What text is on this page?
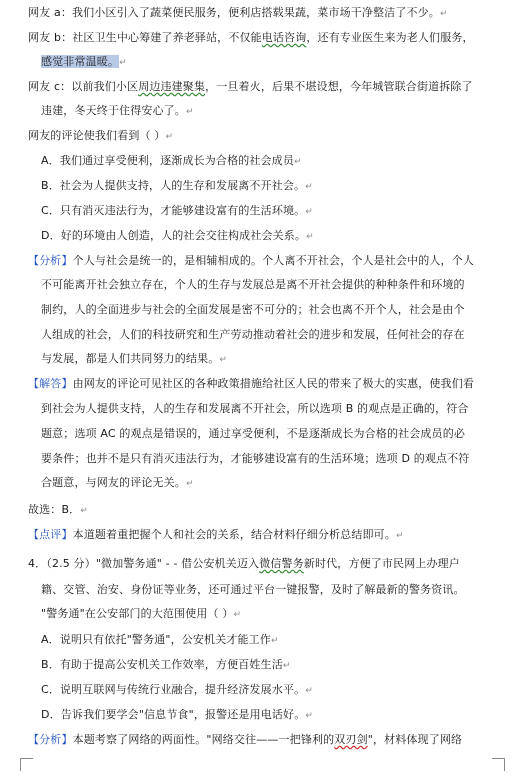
网友 a：我们小区引入了蔬菜便民服务，便利店搭载果蔬，菜市场干净整洁了不少。↵
网友 b：社区卫生中心筹建了养老驿站，不仅能电话咨询，还有专业医生来为老人们服务，
感觉非常温暖。↵
网友 c：以前我们小区周边违建聚集，一旦着火，后果不堪设想，今年城管联合街道拆除了
违建，冬天终于住得安心了。↵
网友的评论使我们看到（ ）↵
A．我们通过享受便利，逐渐成长为合格的社会成员↵
B．社会为人提供支持，人的生存和发展离不开社会。↵
C．只有消灭违法行为，才能够建设富有的生活环境。↵
D．好的环境由人创造，人的社会交往构成社会关系。↵
【分析】个人与社会是统一的，是相辅相成的。个人离不开社会，个人是社会中的人，个人
不可能离开社会独立存在，个人的生存与发展总是离不开社会提供的种种条件和环境的
制约，人的全面进步与社会的全面发展是密不可分的；社会也离不开个人，社会是由个
人组成的社会，人们的科技研究和生产劳动推动着社会的进步和发展，任何社会的存在
与发展，都是人们共同努力的结果。↵
【解答】由网友的评论可见社区的各种政策措施给社区人民的带来了极大的实惠，使我们看
到社会为人提供支持，人的生存和发展离不开社会，所以选项 B 的观点是正确的，符合
题意；选项 AC 的观点是错误的，通过享受便利，不是逐渐成长为合格的社会成员的必
要条件；也并不是只有消灭违法行为，才能够建设富有的生活环境；选项 D 的观点不符
合题意，与网友的评论无关。↵
故选：B．↵
【点评】本道题着重把握个人和社会的关系，结合材料仔细分析总结即可。↵
4．（2.5 分）"微加警务通" - - 借公安机关迈入微信警务新时代，方便了市民网上办理户
籍、交管、治安、身份证等业务，还可通过平台一键报警，及时了解最新的警务资讯。
"警务通"在公安部门的大范围使用（ ）↵
A．说明只有依托"警务通"，公安机关才能工作↵
B．有助于提高公安机关工作效率，方便百姓生活↵
C．说明互联网与传统行业融合，提升经济发展水平。↵
D．告诉我们要学会"信息节食"，报警还是用电话好。↵
【分析】本题考察了网络的两面性。"网络交往——一把锋利的双刃剑"，材料体现了网络
